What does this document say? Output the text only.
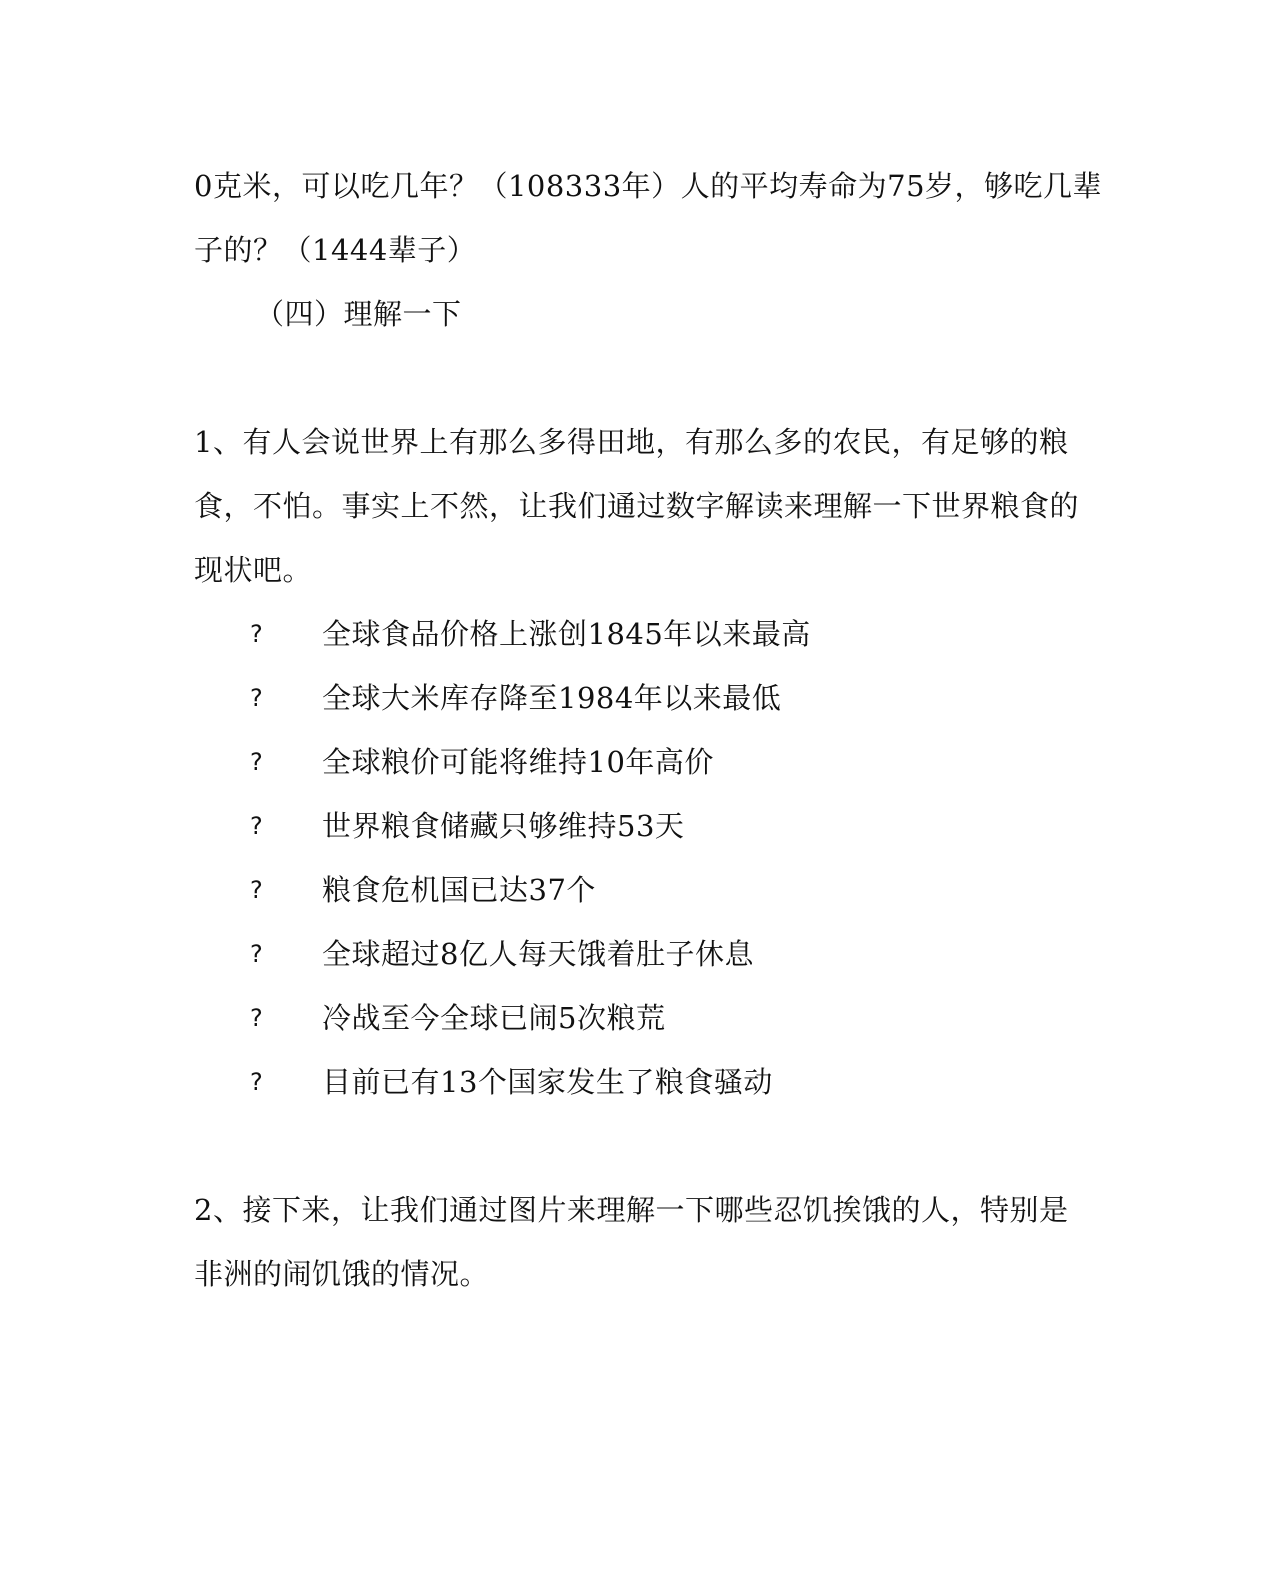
0克米，可以吃几年？（108333年）人的平均寿命为75岁，够吃几辈
子的？（1444辈子）
（四）理解一下
1、有人会说世界上有那么多得田地，有那么多的农民，有足够的粮
食，不怕。事实上不然，让我们通过数字解读来理解一下世界粮食的
现状吧。
? 全球食品价格上涨创1845年以来最高
? 全球大米库存降至1984年以来最低
? 全球粮价可能将维持10年高价
? 世界粮食储藏只够维持53天
? 粮食危机国已达37个
? 全球超过8亿人每天饿着肚子休息
? 冷战至今全球已闹5次粮荒
? 目前已有13个国家发生了粮食骚动
2、接下来，让我们通过图片来理解一下哪些忍饥挨饿的人，特别是
非洲的闹饥饿的情况。
